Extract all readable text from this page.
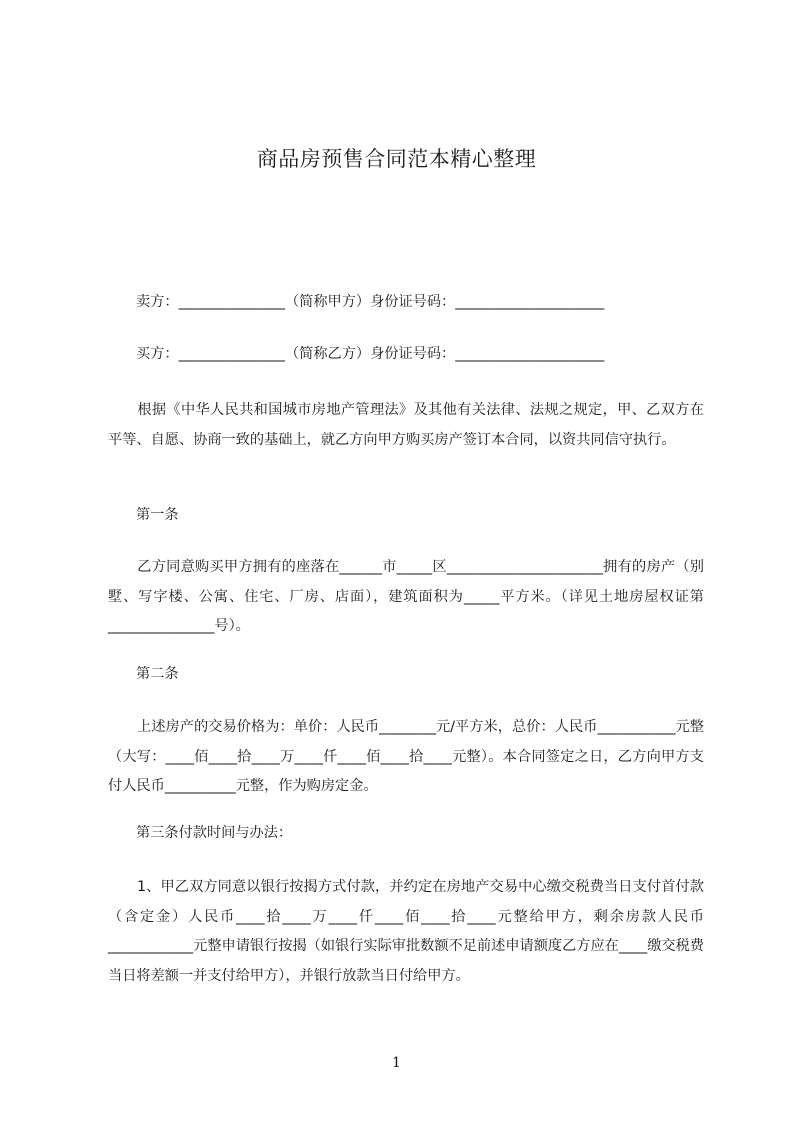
商品房预售合同范本精心整理
卖方：_______________（简称甲方）身份证号码：_____________________
买方：_______________（简称乙方）身份证号码：_____________________
根据《中华人民共和国城市房地产管理法》及其他有关法律、法规之规定，甲、乙双方在平等、自愿、协商一致的基础上，就乙方向甲方购买房产签订本合同，以资共同信守执行。
第一条
乙方同意购买甲方拥有的座落在______市_____区______________________拥有的房产（别墅、写字楼、公寓、住宅、厂房、店面），建筑面积为_____平方米。（详见土地房屋权证第_______________号）。
第二条
上述房产的交易价格为：单价：人民币________元/平方米，总价：人民币___________元整（大写：____佰____拾____万____仟____佰____拾____元整）。本合同签定之日，乙方向甲方支付人民币__________元整，作为购房定金。
第三条付款时间与办法：
1、甲乙双方同意以银行按揭方式付款，并约定在房地产交易中心缴交税费当日支付首付款（含定金）人民币____拾____万____仟____佰____拾____元整给甲方，剩余房款人民币____________元整申请银行按揭（如银行实际审批数额不足前述申请额度乙方应在____缴交税费当日将差额一并支付给甲方），并银行放款当日付给甲方。
1
